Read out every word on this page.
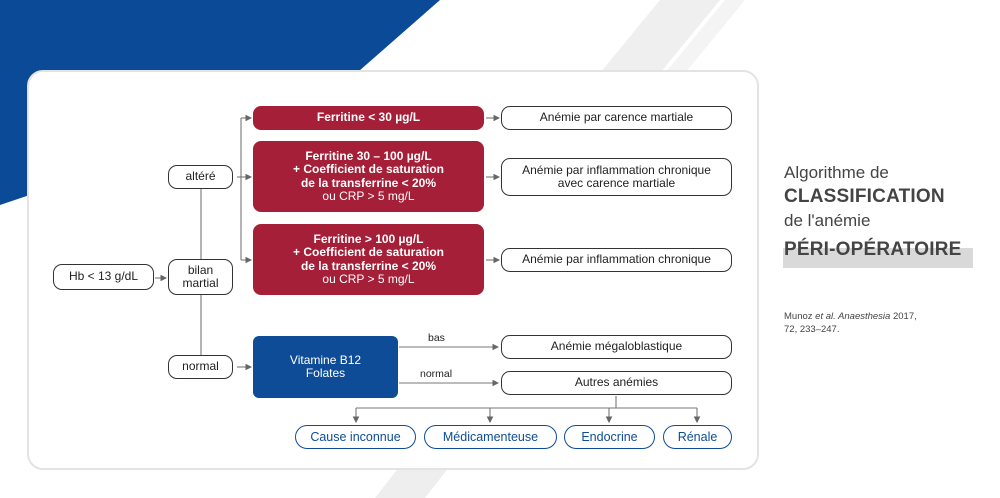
Hb < 13 g/dL	bilan
martial
altéré
normal
Ferritine < 30 µg/L
Ferritine 30 – 100 µg/L
+ Coefficient de saturation
de la transferrine < 20%
ou CRP > 5 mg/L
Ferritine > 100 µg/L
+ Coefficient de saturation
de la transferrine < 20%
ou CRP > 5 mg/L
Vitamine B12
Folates
bas
normal
Anémie par carence martiale
Anémie par inflammation chronique
avec carence martiale
Anémie par inflammation chronique
Anémie mégaloblastique
Autres anémies
Cause inconnue	Médicamenteuse	Endocrine	Rénale
Algorithme de
CLASSIFICATION
de l'anémie
PÉRI-OPÉRATOIRE
Munoz et al. Anaesthesia 2017,
72, 233–247.
